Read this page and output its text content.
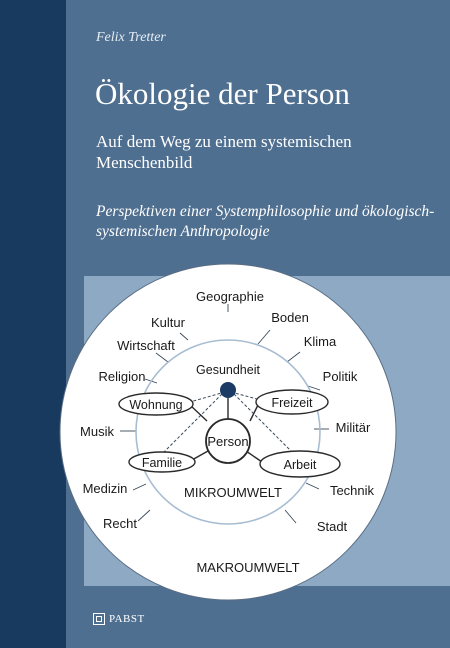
Felix Tretter
Ökologie der Person
Auf dem Weg zu einem systemischen Menschenbild
Perspektiven einer Systemphilosophie und ökologisch-systemischen Anthropologie
Gesundheit
Person
Wohnung	Freizeit
Familie	Arbeit
MIKROUMWELT
MAKROUMWELT
Geographie
Kultur	Boden
Wirtschaft	Klima
Religion	Politik
Musik	Militär
Medizin	Technik
Recht	Stadt
PABST
